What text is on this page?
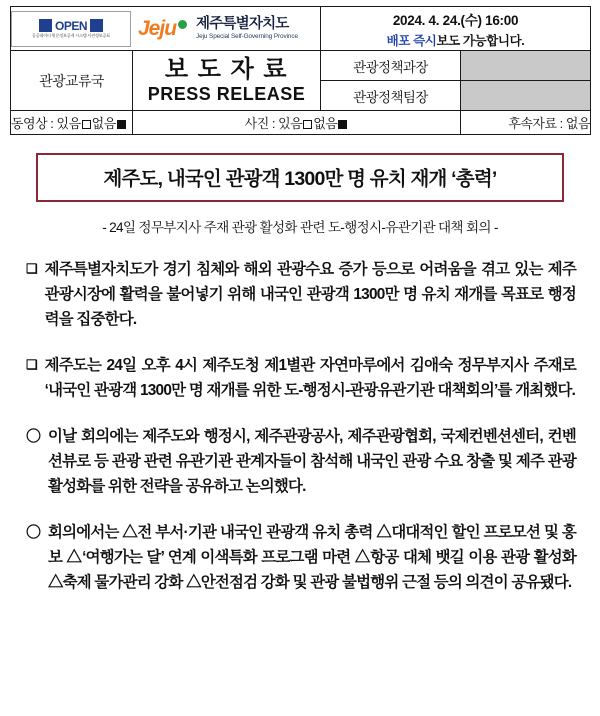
OPEN
공공데이터 원문정보공개 시스템 사전정보공표	Jeju 제주특별자치도
Jeju Special Self-Governing Province

2024. 4. 24.(수) 16:00
배포 즉시보도 가능합니다.

관광교류국	보 도 자 료
PRESS RELEASE	관광정책과장	
		관광정책팀장	
동영상 : 있음 없음	사진 : 있음 없음		후속자료 : 없음
제주도, 내국인 관광객 1300만 명 유치 재개 ‘총력’
- 24일 정무부지사 주재 관광 활성화 관련 도-행정시-유관기관 대책 회의 -
❑ 제주특별자치도가 경기 침체와 해외 관광수요 증가 등으로 어려움을 겪고 있는 제주 관광시장에 활력을 불어넣기 위해 내국인 관광객 1300만 명 유치 재개를 목표로 행정력을 집중한다.
❑ 제주도는 24일 오후 4시 제주도청 제1별관 자연마루에서 김애숙 정무부지사 주재로 ‘내국인 관광객 1300만 명 재개를 위한 도-행정시-관광유관기관 대책회의’를 개최했다.
〇 이날 회의에는 제주도와 행정시, 제주관광공사, 제주관광협회, 국제컨벤션센터, 컨벤션뷰로 등 관광 관련 유관기관 관계자들이 참석해 내국인 관광 수요 창출 및 제주 관광 활성화를 위한 전략을 공유하고 논의했다.
〇 회의에서는 △전 부서·기관 내국인 관광객 유치 총력 △대대적인 할인 프로모션 및 홍보 △‘여행가는 달’ 연계 이색특화 프로그램 마련 △항공 대체 뱃길 이용 관광 활성화 △축제 물가관리 강화 △안전점검 강화 및 관광 불법행위 근절 등의 의견이 공유됐다.
